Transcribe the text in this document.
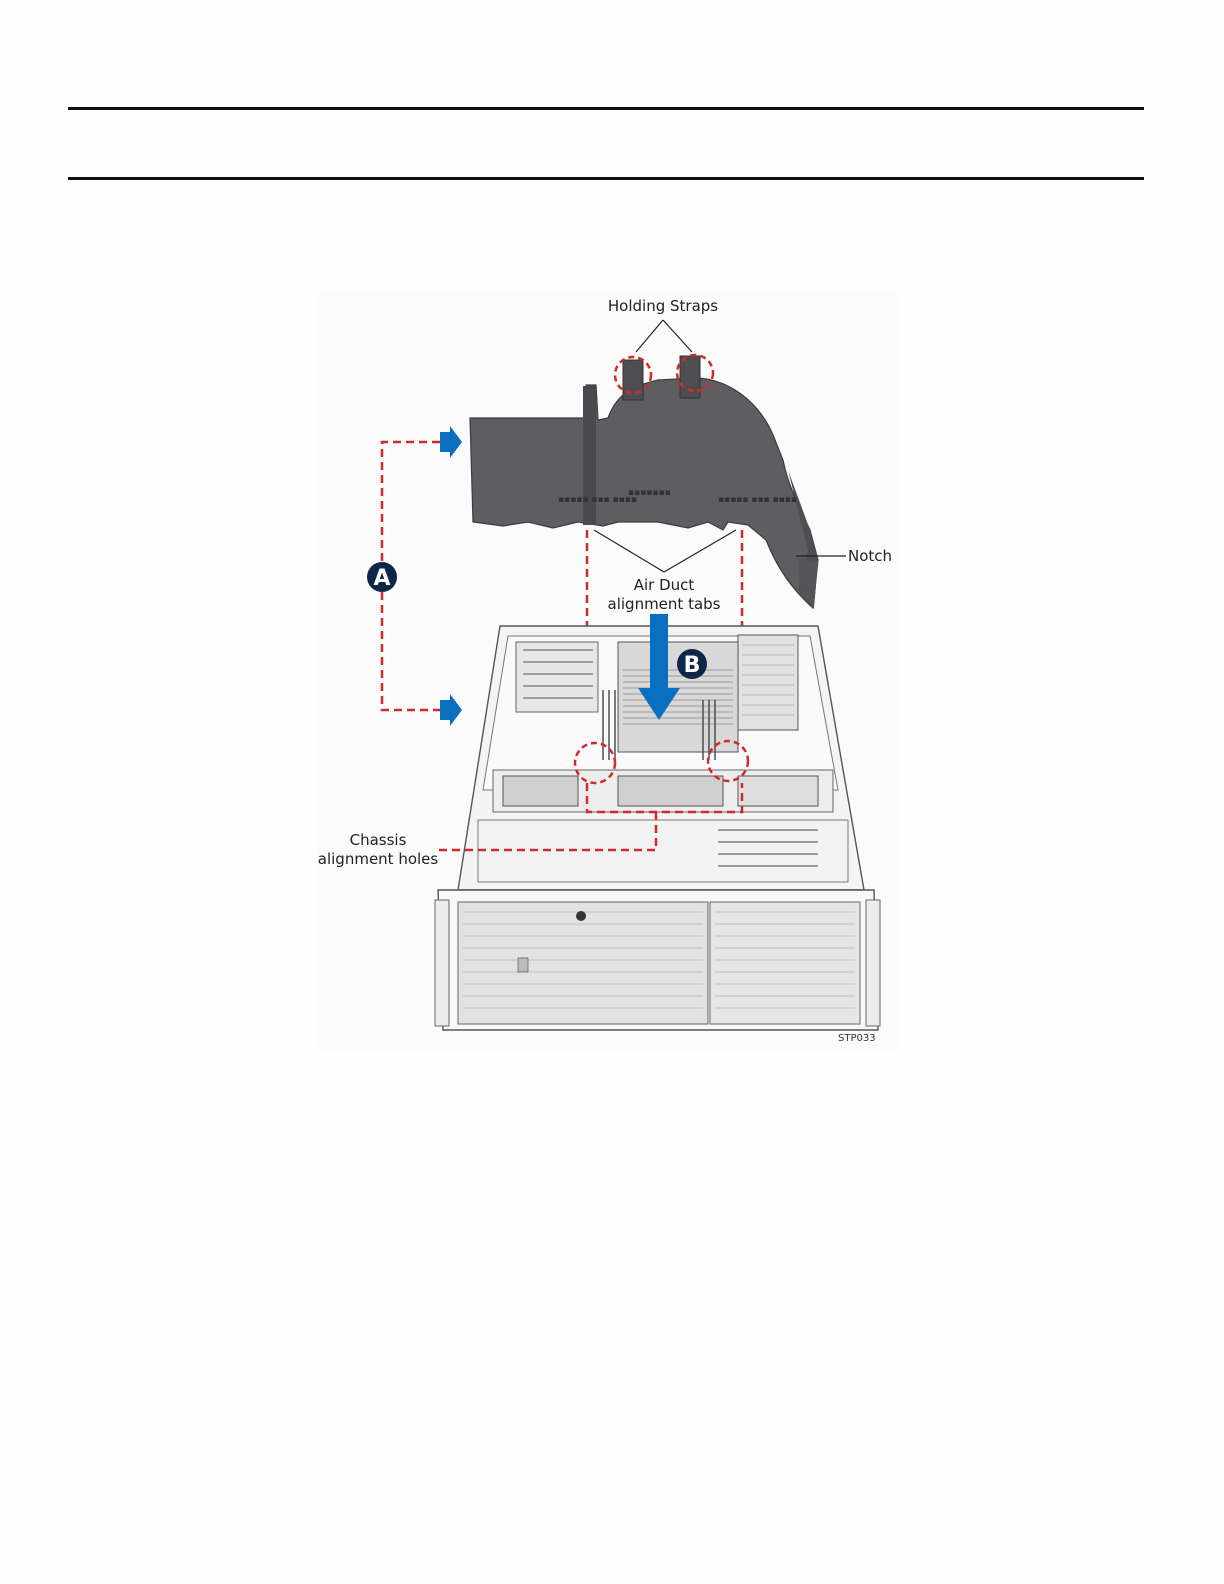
▪▪▪▪▪ ▪▪▪ ▪▪▪▪
▪▪▪▪▪▪▪
▪▪▪▪▪ ▪▪▪ ▪▪▪▪
Holding Straps
Notch
Air Duct
alignment tabs
Chassis
alignment holes
A
B
STP033
